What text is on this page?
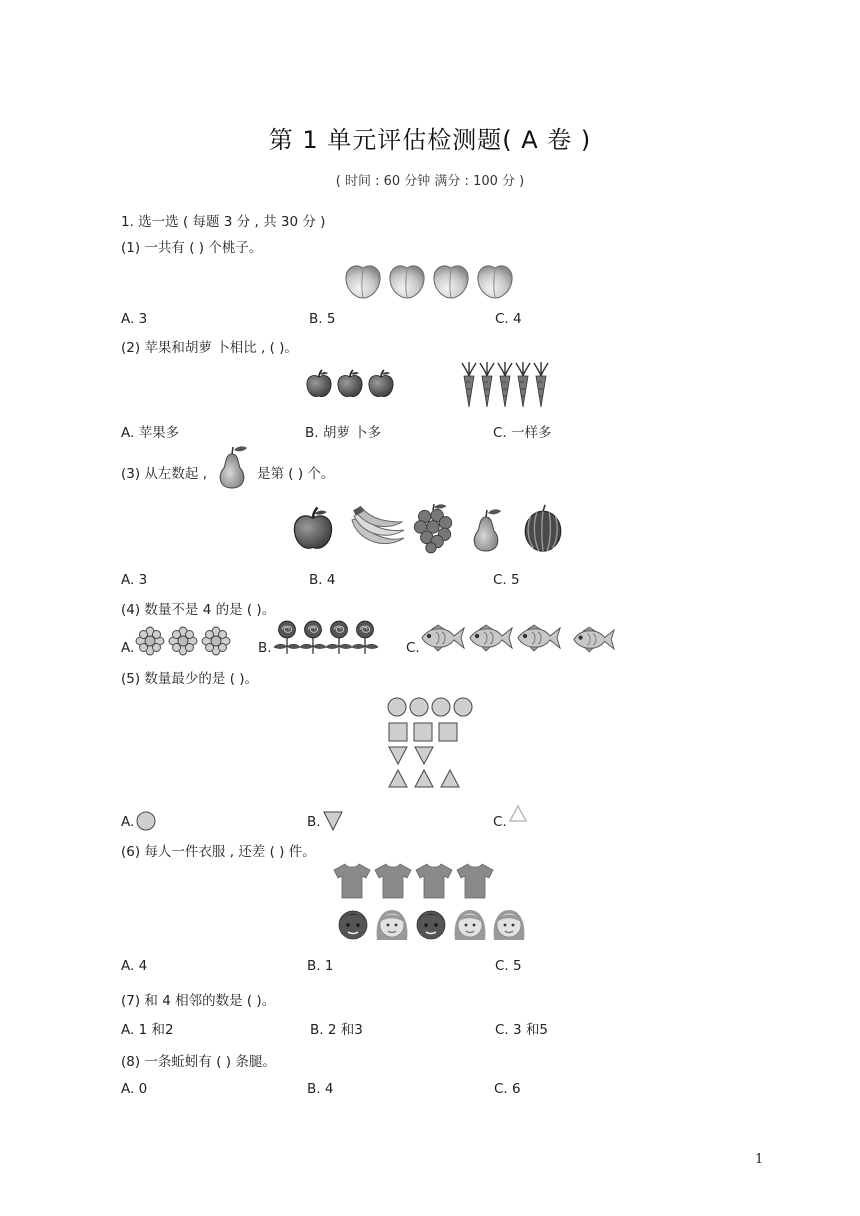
第 1 单元评估检测题( A 卷 )
( 时间 : 60 分钟 满分 : 100 分 )
1. 选一选 ( 每题 3 分 , 共 30 分 )
(1) 一共有 ( ) 个桃子。
A. 3	B. 5	C. 4
(2) 苹果和胡萝 卜相比 , ( )。
A. 苹果多	B. 胡萝 卜多	C. 一样多
(3) 从左数起 ,	是第 ( ) 个。
A. 3	B. 4	C. 5
(4) 数量不是 4 的是 ( )。
A.	B.	C.
(5) 数量最少的是 ( )。
A.	B.	C.
(6) 每人一件衣服 , 还差 ( ) 件。
A. 4	B. 1	C. 5
(7) 和 4 相邻的数是 ( )。
A. 1 和2	B. 2 和3	C. 3 和5
(8) 一条蚯蚓有 ( ) 条腿。
A. 0	B. 4	C. 6
1
